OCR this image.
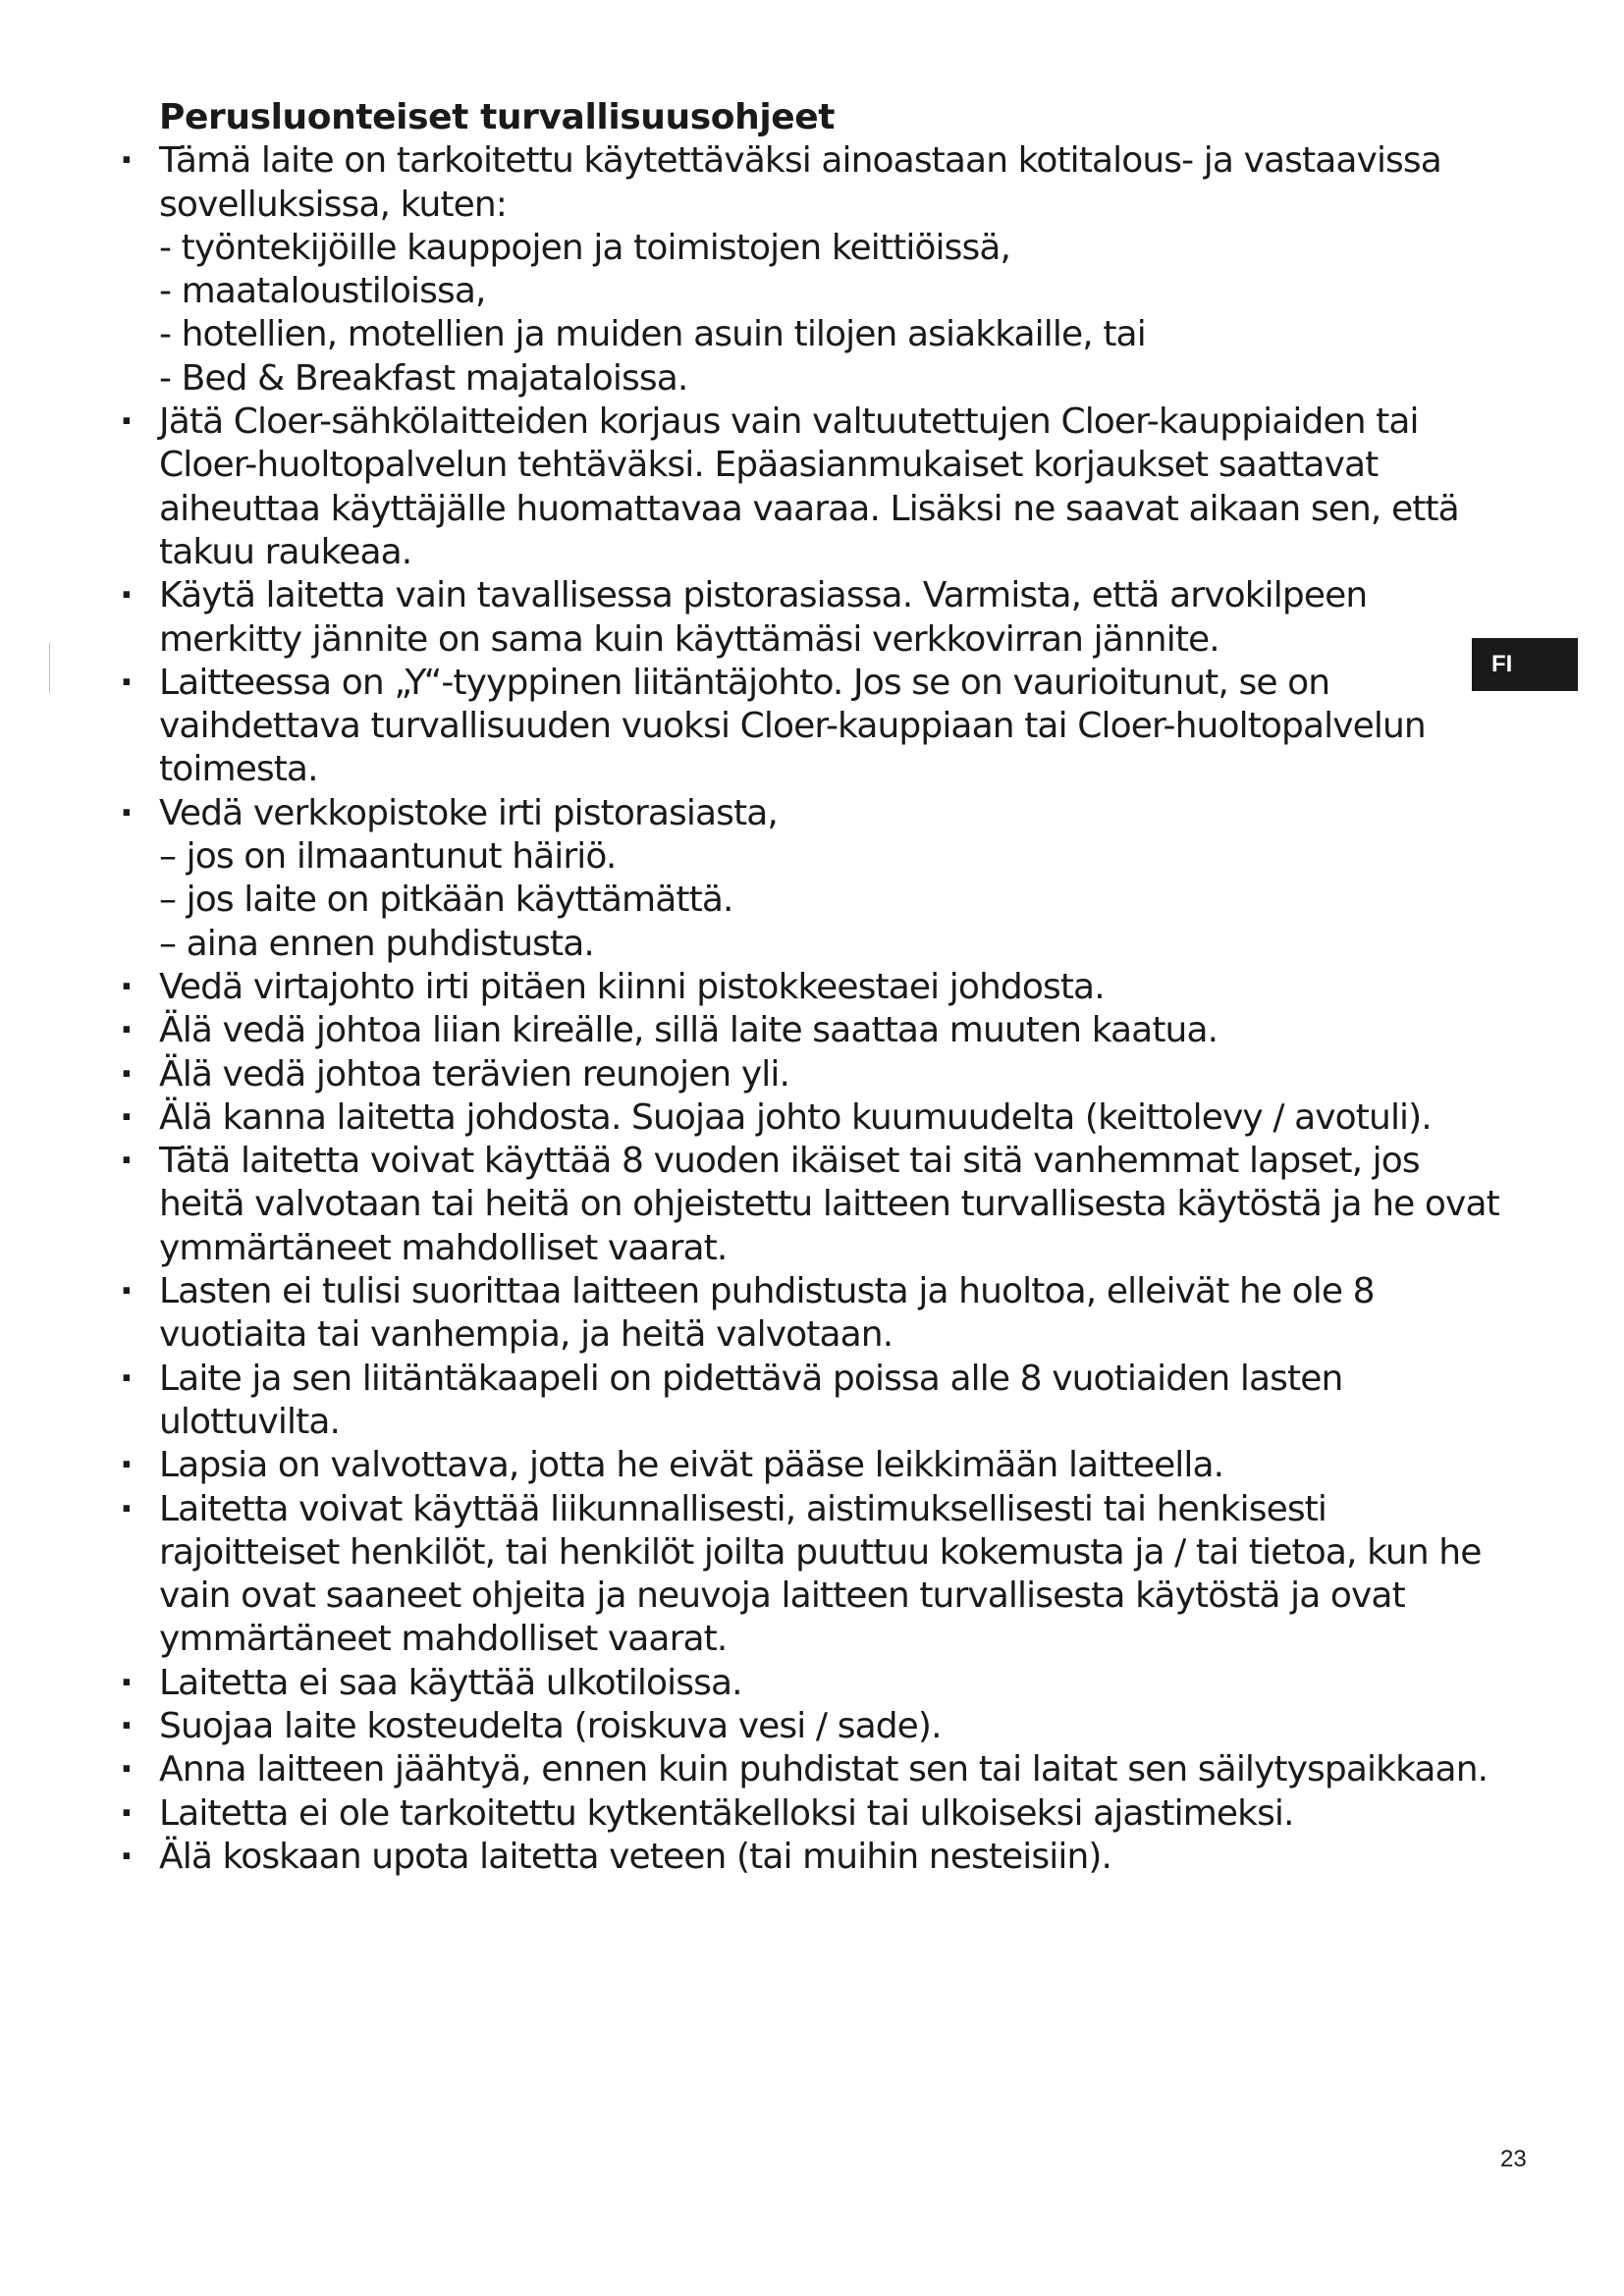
Perusluonteiset turvallisuusohjeet
· Tämä laite on tarkoitettu käytettäväksi ainoastaan kotitalous- ja vastaavissa sovelluksissa, kuten:
- työntekijöille kauppojen ja toimistojen keittiöissä,
- maataloustiloissa,
- hotellien, motellien ja muiden asuin tilojen asiakkaille, tai
- Bed & Breakfast majataloissa.
· Jätä Cloer-sähkölaitteiden korjaus vain valtuutettujen Cloer-kauppiaiden tai Cloer-huoltopalvelun tehtäväksi. Epäasianmukaiset korjaukset saattavat aiheuttaa käyttäjälle huomattavaa vaaraa. Lisäksi ne saavat aikaan sen, että takuu raukeaa.
· Käytä laitetta vain tavallisessa pistorasiassa. Varmista, että arvokilpeen merkitty jännite on sama kuin käyttämäsi verkkovirran jännite.
· Laitteessa on „Y“-tyyppinen liitäntäjohto. Jos se on vaurioitunut, se on vaihdettava turvallisuuden vuoksi Cloer-kauppiaan tai Cloer-huoltopalvelun toimesta.
· Vedä verkkopistoke irti pistorasiasta,
– jos on ilmaantunut häiriö.
– jos laite on pitkään käyttämättä.
– aina ennen puhdistusta.
· Vedä virtajohto irti pitäen kiinni pistokkeestaei johdosta.
· Älä vedä johtoa liian kireälle, sillä laite saattaa muuten kaatua.
· Älä vedä johtoa terävien reunojen yli.
· Älä kanna laitetta johdosta. Suojaa johto kuumuudelta (keittolevy / avotuli).
· Tätä laitetta voivat käyttää 8 vuoden ikäiset tai sitä vanhemmat lapset, jos heitä valvotaan tai heitä on ohjeistettu laitteen turvallisesta käytöstä ja he ovat ymmärtäneet mahdolliset vaarat.
· Lasten ei tulisi suorittaa laitteen puhdistusta ja huoltoa, elleivät he ole 8 vuotiaita tai vanhempia, ja heitä valvotaan.
· Laite ja sen liitäntäkaapeli on pidettävä poissa alle 8 vuotiaiden lasten ulottuvilta.
· Lapsia on valvottava, jotta he eivät pääse leikkimään laitteella.
· Laitetta voivat käyttää liikunnallisesti, aistimuksellisesti tai henkisesti rajoitteiset henkilöt, tai henkilöt joilta puuttuu kokemusta ja / tai tietoa, kun he vain ovat saaneet ohjeita ja neuvoja laitteen turvallisesta käytöstä ja ovat ymmärtäneet mahdolliset vaarat.
· Laitetta ei saa käyttää ulkotiloissa.
· Suojaa laite kosteudelta (roiskuva vesi / sade).
· Anna laitteen jäähtyä, ennen kuin puhdistat sen tai laitat sen säilytyspaikkaan.
· Laitetta ei ole tarkoitettu kytkentäkelloksi tai ulkoiseksi ajastimeksi.
· Älä koskaan upota laitetta veteen (tai muihin nesteisiin).
FI
23
